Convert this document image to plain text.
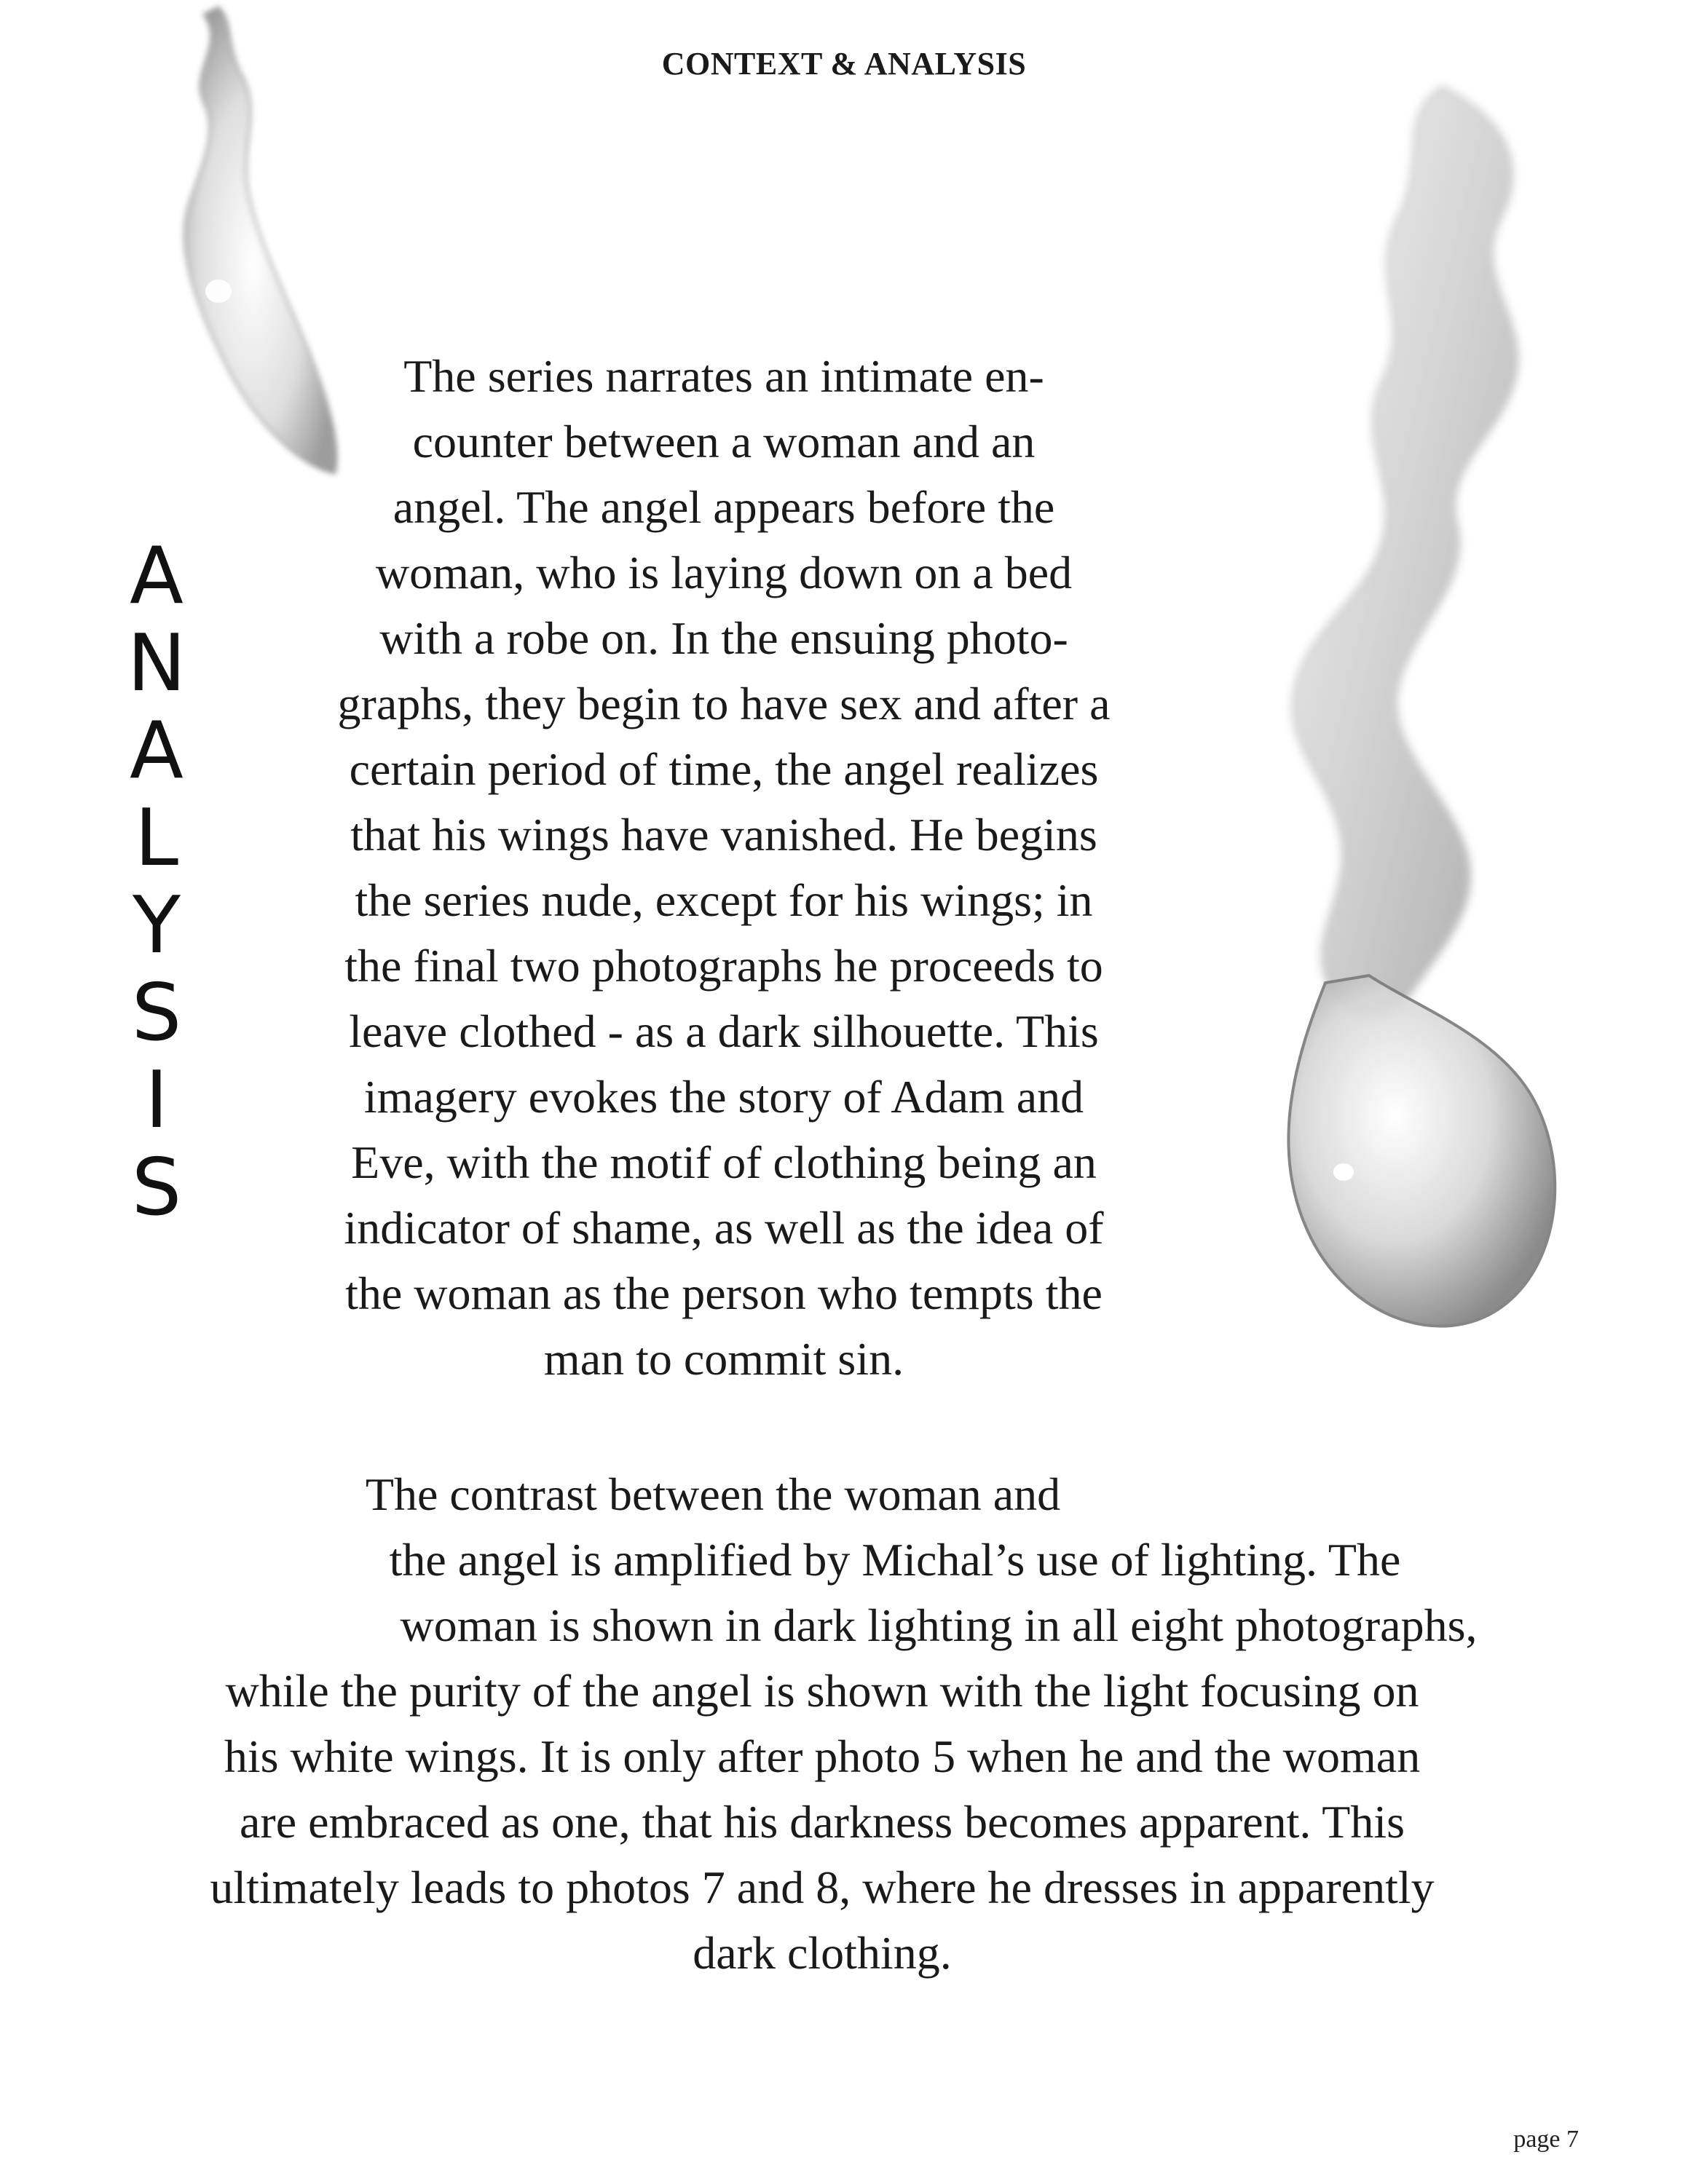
CONTEXT & ANALYSIS
A
N
A
L
Y
S
I
S
The series narrates an intimate en-
counter between a woman and an
angel. The angel appears before the
woman, who is laying down on a bed
with a robe on. In the ensuing photo-
graphs, they begin to have sex and after a
certain period of time, the angel realizes
that his wings have vanished. He begins
the series nude, except for his wings; in
the final two photographs he proceeds to
leave clothed - as a dark silhouette. This
imagery evokes the story of Adam and
Eve, with the motif of clothing being an
indicator of shame, as well as the idea of
the woman as the person who tempts the
man to commit sin.
The contrast between the woman and
the angel is amplified by Michal’s use of lighting. The
woman is shown in dark lighting in all eight photographs,
while the purity of the angel is shown with the light focusing on
his white wings. It is only after photo 5 when he and the woman
are embraced as one, that his darkness becomes apparent. This
ultimately leads to photos 7 and 8, where he dresses in apparently
dark clothing.
page 7
